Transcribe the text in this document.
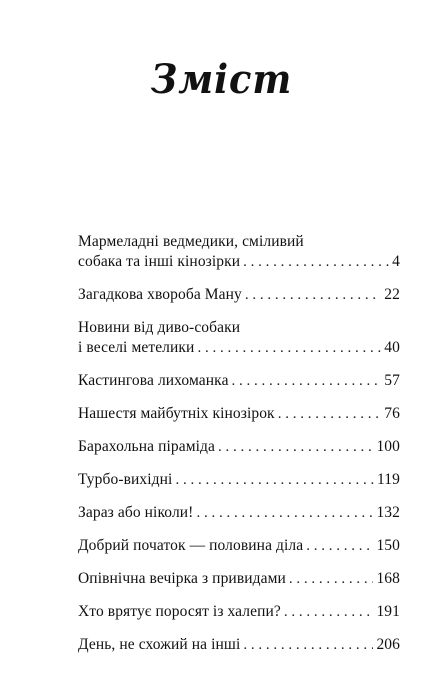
Зміст
Мармеладні ведмедики, сміливий
собака та інші кінозірки . . .	4
Загадкова хвороба Ману . . .	22
Новини від диво-собаки
і веселі метелики . . .	40
Кастингова лихоманка . . .	57
Нашестя майбутніх кінозірок . . .	76
Барахольна піраміда . . .	100
Турбо-вихідні . . .	119
Зараз або ніколи! . . .	132
Добрий початок — половина діла . . .	150
Опівнічна вечірка з привидами . . .	168
Хто врятує поросят із халепи? . . .	191
День, не схожий на інші . . .	206
